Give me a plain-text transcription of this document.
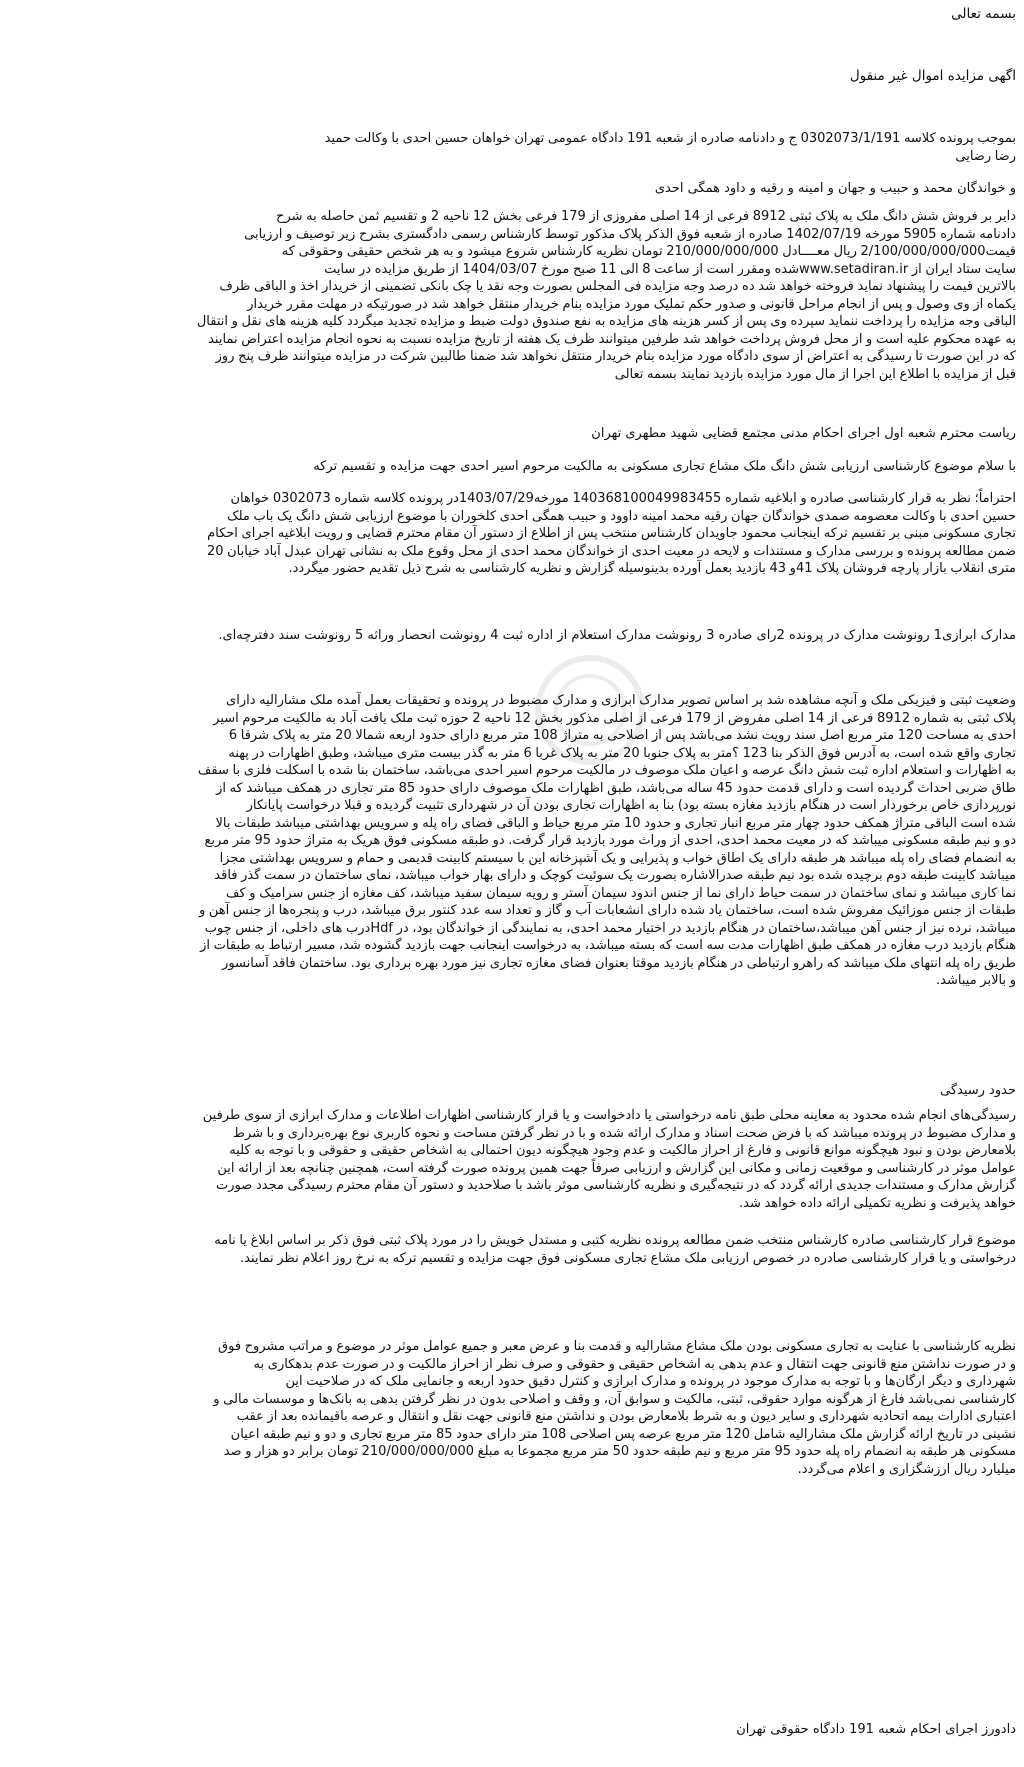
بسمه تعالی
اگهی مزایده اموال غیر منقول
بموجب پرونده کلاسه 0302073/1/191 ج و دادنامه صادره از شعبه 191 دادگاه عمومی تهران خواهان حسین احدی با وکالت حمید
رضا رضایی
و خواندگان محمد و حبیب و جهان و امینه و رقیه و داود همگی احدی
دایر بر فروش شش دانگ ملک به پلاک ثبتی 8912 فرعی از 14 اصلی مفروزی از 179 فرعی بخش 12 ناحیه 2 و تقسیم ثمن حاصله به شرح
دادنامه شماره 5905 مورخه 1402/07/19 صادره از شعبه فوق الذکر پلاک مذکور توسط کارشناس رسمی دادگستری بشرح زیر توصیف و ارزیابی
قیمت2/100/000/000/000 ریال معــــادل 210/000/000/000 تومان نظریه کارشناس شروع میشود و به هر شخص حقیقی وحقوقی که
سایت ستاد ایران از www.setadiran.irشده ومقرر است از ساعت 8 الی 11 صبح مورخ 1404/03/07 از طریق مزایده در سایت
بالاترین قیمت را پیشنهاد نماید فروخته خواهد شد ده درصد وجه مزایده فی المجلس بصورت وجه نقد یا چک بانکی تضمینی از خریدار اخذ و الباقی ظرف
یکماه از وی وصول و پس از انجام مراحل قانونی و صدور حکم تملیک مورد مزایده بنام خریدار منتقل خواهد شد در صورتیکه در مهلت مقرر خریدار
الباقی وجه مزایده را پرداخت ننماید سپرده وی پس از کسر هزینه های مزایده به نفع صندوق دولت ضبط و مزایده تجدید میگردد کلیه هزینه های نقل و انتقال
به عهده محکوم علیه است و از محل فروش پرداخت خواهد شد طرفین میتوانند ظرف یک هفته از تاریخ مزایده نسبت به نحوه انجام مزایده اعتراض نمایند
که در این صورت تا رسیدگی به اعتراض از سوی دادگاه مورد مزایده بنام خریدار منتقل نخواهد شد ضمنا طالبین شرکت در مزایده میتوانند ظرف پنج روز
قبل از مزایده با اطلاع این اجرا از مال مورد مزایده بازدید نمایند بسمه تعالی
ریاست محترم شعبه اول اجرای احکام مدنی مجتمع قضایی شهید مطهری تهران
با سلام موضوع کارشناسی ارزیابی شش دانگ ملک مشاع تجاری مسکونی به مالکیت مرحوم اسیر احدی جهت مزایده و تقسیم ترکه
احتراماً؛ نظر به قرار کارشناسی صادره و ابلاغیه شماره 140368100049983455 مورخه1403/07/29در پرونده کلاسه شماره 0302073 خواهان
حسین احدی با وکالت معصومه صمدی خواندگان جهان رقیه محمد امینه داوود و حبیب همگی احدی کلخوران با موضوع ارزیابی شش دانگ یک باب ملک
تجاری مسکونی مبنی بر تقسیم ترکه اینجانب محمود جاویدان کارشناس منتخب پس از اطلاع از دستور آن مقام محترم قضایی و رویت ابلاغیه اجرای احکام
ضمن مطالعه پرونده و بررسی مدارک و مستندات و لایحه در معیت احدی از خواندگان محمد احدی از محل وقوع ملک به نشانی تهران عبدل آباد خیابان 20
متری انقلاب بازار پارچه فروشان پلاک 41و 43 بازدید بعمل آورده بدینوسیله گزارش و نظریه کارشناسی به شرح ذیل تقدیم حضور میگردد.
مدارک ابرازی1 رونوشت مدارک در پرونده 2رای صادره 3 رونوشت مدارک استعلام از اداره ثبت 4 رونوشت انحصار وراثه 5 رونوشت سند دفترچه‌ای.
وضعیت ثبتی و فیزیکی ملک و آنچه مشاهده شد بر اساس تصویر مدارک ابرازی و مدارک مضبوط در پرونده و تحقیقات بعمل آمده ملک مشارالیه دارای
پلاک ثبتی به شماره 8912 فرعی از 14 اصلی مفروض از 179 فرعی از اصلی مذکور بخش 12 ناحیه 2 حوزه ثبت ملک یافت آباد به مالکیت مرحوم اسیر
احدی به مساحت 120 متر مربع اصل سند رویت نشد می‌باشد پس از اصلاحی به متراژ 108 متر مربع دارای حدود اربعه شمالا 20 متر به پلاک شرقا 6
تجاری واقع شده است، به آدرس فوق الذکر بنا 123 ؟متر به پلاک جنوبا 20 متر به پلاک غربا 6 متر به گذر بیست متری میباشد، وطبق اظهارات در پهنه
به اظهارات و استعلام اداره ثبت شش دانگ عرصه و اعیان ملک موصوف در مالکیت مرحوم اسیر احدی می‌باشد، ساختمان بنا شده با اسکلت فلزی با سقف
طاق ضربی احداث گردیده است و دارای قدمت حدود 45 ساله می‌باشد، طبق اظهارات ملک موصوف دارای حدود 85 متر تجاری در همکف میباشد که از
نورپردازی خاص برخوردار است در هنگام بازدید مغازه بسته بود) بنا به اظهارات تجاری بودن آن در شهرداری تثبیت گردیده و قبلا درخواست پایانکار
شده است الباقی متراژ همکف حدود چهار متر مربع انبار تجاری و حدود 10 متر مربع حیاط و الباقی فضای راه پله و سرویس بهداشتی میباشد طبقات بالا
دو و نیم طبقه مسکونی میباشد که در معیت محمد احدی، احدی از وراث مورد بازدید قرار گرفت. دو طبقه مسکونی فوق هریک به متراژ حدود 95 متر مربع
به انضمام فضای راه پله میباشد هر طبقه دارای یک اطاق خواب و پذیرایی و یک آشپزخانه این با سیستم کابینت قدیمی و حمام و سرویس بهداشتی مجزا
میباشد کابینت طبقه دوم برچیده شده بود نیم طبقه صدرالاشاره بصورت یک سوئیت کوچک و دارای بهار خواب میباشد، نمای ساختمان در سمت گذر فاقد
نما کاری میباشد و نمای ساختمان در سمت حیاط دارای نما از جنس اندود سیمان آستر و رویه سیمان سفید میباشد، کف مغازه از جنس سرامیک و کف
طبقات از جنس موزائیک مفروش شده است، ساختمان یاد شده دارای انشعابات آب و گاز و تعداد سه عدد کنتور برق میباشد، درب و پنجره‌ها از جنس آهن و
میباشد، نرده نیز از جنس آهن میباشد،ساختمان در هنگام بازدید در اختیار محمد احدی، به نمایندگی از خواندگان بود، در Hdfدرب های داخلی، از جنس چوب
هنگام بازدید درب مغازه در همکف طبق اظهارات مدت سه است که بسته میباشد، به درخواست اینجانب جهت بازدید گشوده شد، مسیر ارتباط به طبقات از
طریق راه پله انتهای ملک میباشد که راهرو ارتباطی در هنگام بازدید موقتا بعنوان فضای مغازه تجاری نیز مورد بهره برداری بود. ساختمان فاقد آسانسور
و بالابر میباشد.
حدود رسیدگی
رسیدگی‌های انجام شده محدود به معاینه محلی طبق نامه درخواستی یا دادخواست و یا قرار کارشناسی اظهارات اطلاعات و مدارک ابرازی از سوی طرفین
و مدارک مضبوط در پرونده میباشد که با فرض صحت اسناد و مدارک ارائه شده و با در نظر گرفتن مساحت و نحوه کاربری نوع بهره‌برداری و با شرط
بلامعارض بودن و نبود هیچگونه موانع قانونی و فارغ از احراز مالکیت و عدم وجود هیچگونه دیون احتمالی به اشخاص حقیقی و حقوقی و با توجه به کلیه
عوامل موثر در کارشناسی و موقعیت زمانی و مکانی این گزارش و ارزیابی صرفاً جهت همین پرونده صورت گرفته است، همچنین چنانچه بعد از ارائه این
گزارش مدارک و مستندات جدیدی ارائه گردد که در نتیجه‌گیری و نظریه کارشناسی موثر باشد با صلاحدید و دستور آن مقام محترم رسیدگی مجدد صورت
خواهد پذیرفت و نظریه تکمیلی ارائه داده خواهد شد.
موضوع قرار کارشناسی صادره کارشناس منتخب ضمن مطالعه پرونده نظریه کتبی و مستدل خویش را در مورد پلاک ثبتی فوق ذکر بر اساس ابلاغ یا نامه
درخواستی و یا قرار کارشناسی صادره در خصوص ارزیابی ملک مشاع تجاری مسکونی فوق جهت مزایده و تقسیم ترکه به نرخ روز اعلام نظر نمایند.
نظریه کارشناسی با عنایت به تجاری مسکونی بودن ملک مشاع مشارالیه و قدمت بنا و عرض معبر و جمیع عوامل موثر در موضوع و مراتب مشروح فوق
و در صورت نداشتن منع قانونی جهت انتقال و عدم بدهی به اشخاص حقیقی و حقوقی و صرف نظر از احراز مالکیت و در صورت عدم بدهکاری به
شهرداری و دیگر ارگان‌ها و با توجه به مدارک موجود در پرونده و مدارک ابرازی و کنترل دقیق حدود اربعه و جانمایی ملک که در صلاحیت این
کارشناسی نمی‌باشد فارغ از هرگونه موارد حقوقی، ثبتی، مالکیت و سوابق آن، و وقف و اصلاحی بدون در نظر گرفتن بدهی به بانک‌ها و موسسات مالی و
اعتباری ادارات بیمه اتحادیه شهرداری و سایر دیون و به شرط بلامعارض بودن و نداشتن منع قانونی جهت نقل و انتقال و عرصه باقیمانده بعد از عقب
نشینی در تاریخ ارائه گزارش ملک مشارالیه شامل 120 متر مربع عرصه پس اصلاحی 108 متر دارای حدود 85 متر مربع تجاری و دو و نیم طبقه اعیان
مسکونی هر طبقه به انضمام راه پله حدود 95 متر مربع و نیم طبقه حدود 50 متر مربع مجموعا به مبلغ 210/000/000/000 تومان برابر دو هزار و صد
میلیارد ریال ارزشگزاری و اعلام می‌گردد.
دادورز اجرای احکام شعبه 191 دادگاه حقوقی تهران
